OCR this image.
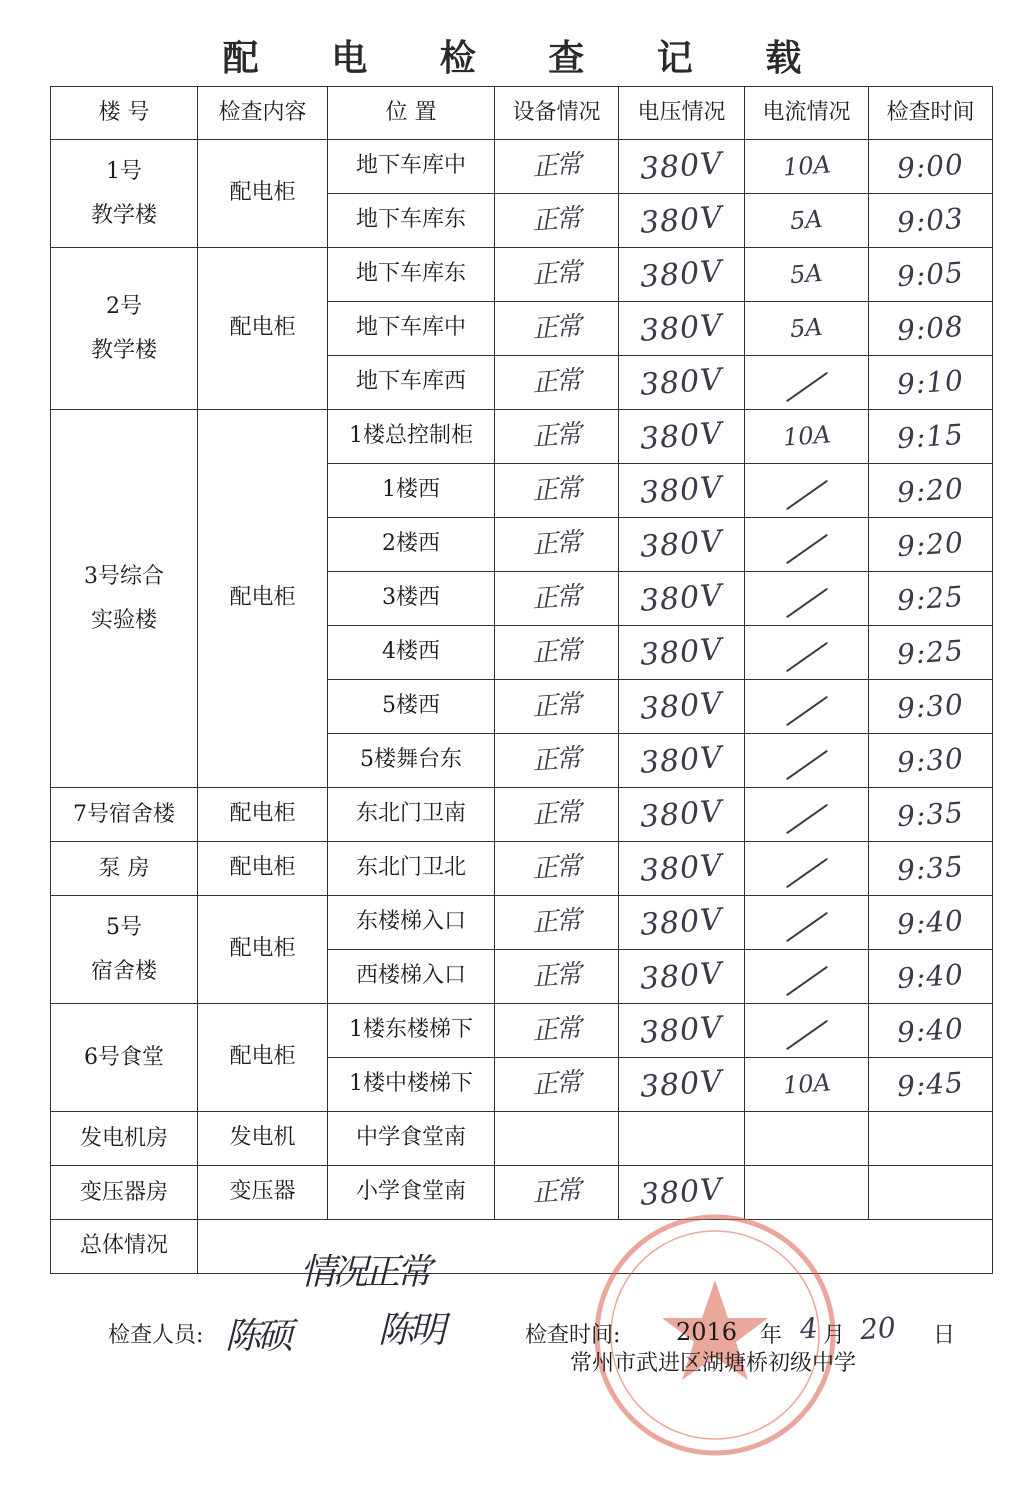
配 电 检 查 记 载
楼 号	检查内容	位 置	设备情况	电压情况	电流情况	检查时间
1号
教学楼	配电柜	地下车库中	正常	380V	10A	9:00
		地下车库东	正常	380V	5A	9:03
2号
教学楼	配电柜	地下车库东	正常	380V	5A	9:05
		地下车库中	正常	380V	5A	9:08
		地下车库西	正常	380V		9:10
3号综合
实验楼	配电柜	1楼总控制柜	正常	380V	10A	9:15
		1楼西	正常	380V		9:20
		2楼西	正常	380V		9:20
		3楼西	正常	380V		9:25
		4楼西	正常	380V		9:25
		5楼西	正常	380V		9:30
		5楼舞台东	正常	380V		9:30
7号宿舍楼	配电柜	东北门卫南	正常	380V		9:35
泵 房	配电柜	东北门卫北	正常	380V		9:35
5号
宿舍楼	配电柜	东楼梯入口	正常	380V		9:40
		西楼梯入口	正常	380V		9:40
6号食堂	配电柜	1楼东楼梯下	正常	380V		9:40
		1楼中楼梯下	正常	380V	10A	9:45
发电机房	发电机	中学食堂南				
变压器房	变压器	小学食堂南	正常	380V		
总体情况						
情况正常
检查人员: 陈硕 陈明	检查时间: 2016 年 4 月 20 日
常州市武进区湖塘桥初级中学
